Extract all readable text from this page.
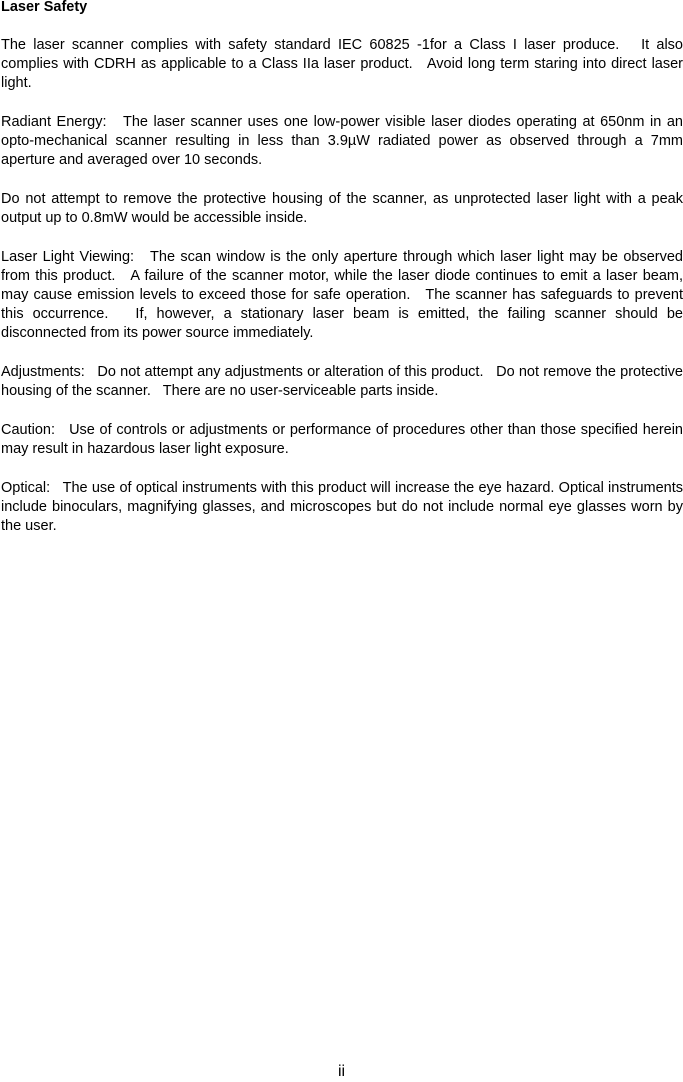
Laser Safety

The laser scanner complies with safety standard IEC 60825 -1for a Class I laser produce.   It also complies with CDRH as applicable to a Class IIa laser product.   Avoid long term staring into direct laser light.

Radiant Energy:   The laser scanner uses one low-power visible laser diodes operating at 650nm in an opto-mechanical scanner resulting in less than 3.9µW radiated power as observed through a 7mm aperture and averaged over 10 seconds.

Do not attempt to remove the protective housing of the scanner, as unprotected laser light with a peak output up to 0.8mW would be accessible inside.

Laser Light Viewing:   The scan window is the only aperture through which laser light may be observed from this product.   A failure of the scanner motor, while the laser diode continues to emit a laser beam, may cause emission levels to exceed those for safe operation.   The scanner has safeguards to prevent this occurrence.   If, however, a stationary laser beam is emitted, the failing scanner should be disconnected from its power source immediately.

Adjustments:   Do not attempt any adjustments or alteration of this product.   Do not remove the protective housing of the scanner.   There are no user-serviceable parts inside.

Caution:   Use of controls or adjustments or performance of procedures other than those specified herein may result in hazardous laser light exposure.

Optical:   The use of optical instruments with this product will increase the eye hazard. Optical instruments include binoculars, magnifying glasses, and microscopes but do not include normal eye glasses worn by the user.

ii
